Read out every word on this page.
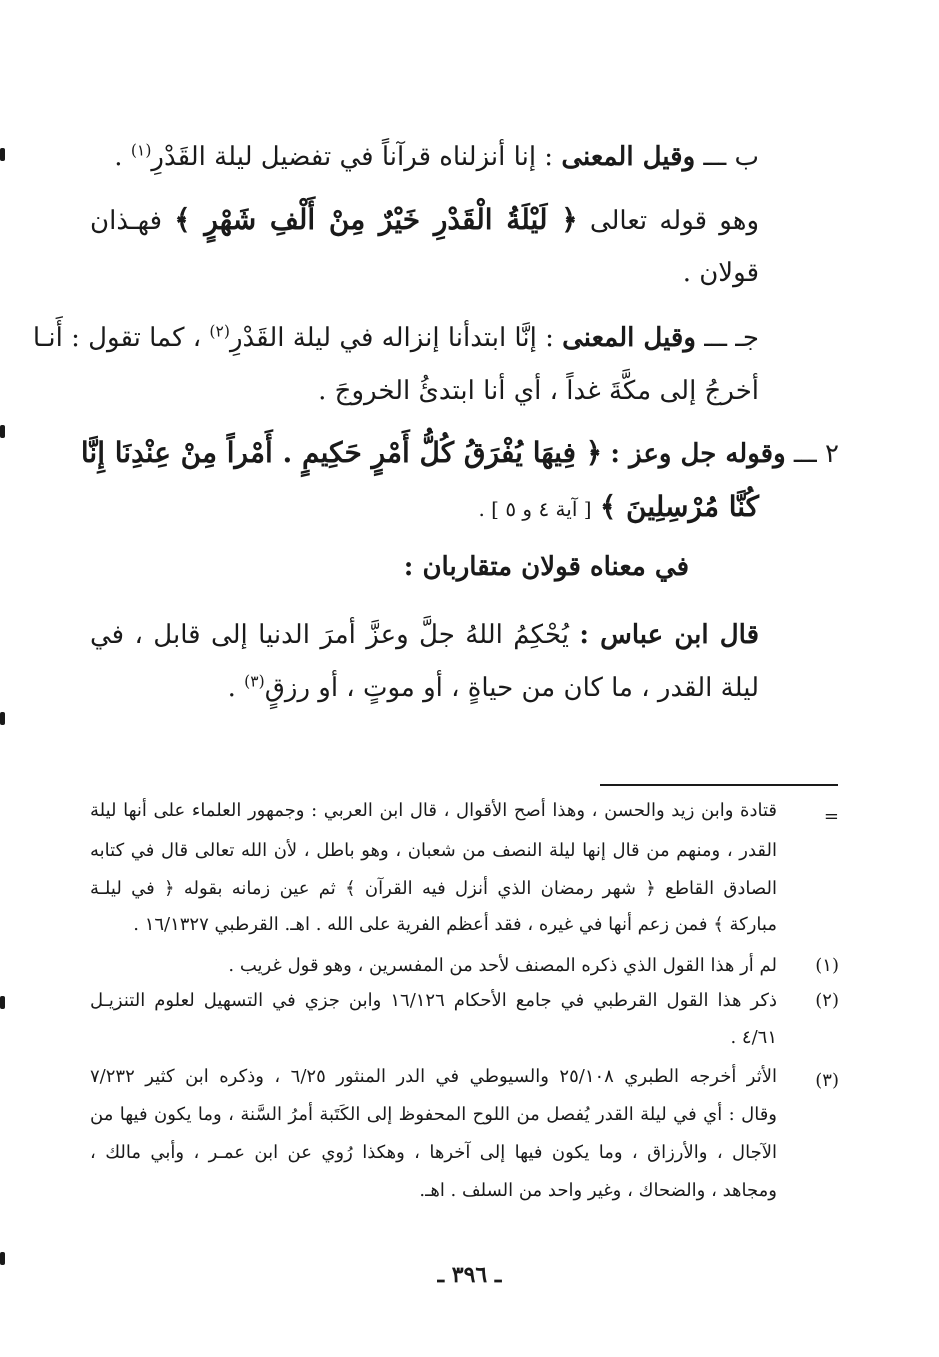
ب ـــ وقيل المعنى : إنا أنزلناه قرآناً في تفضيل ليلة القَدْرِ$^{(١)}$ .
وهو قوله تعالى ﴿ لَيْلَةُ الْقَدْرِ خَيْرٌ مِنْ أَلْفِ شَهْرٍ ﴾ فهـذان
قولان .
جـ ـــ وقيل المعنى : إنَّا ابتدأنا إنزاله في ليلة القَدْرِ$^{(٢)}$ ، كما تقول : أَنـا
أخرجُ إلى مكَّةَ غداً ، أي أنا ابتدئُ الخروجَ .
٢ ـــ وقوله جل وعز : ﴿ فِيهَا يُفْرَقُ كُلُّ أَمْرٍ حَكِيمٍ . أَمْراً مِنْ عِنْدِنَا إِنَّا
كُنَّا مُرْسِلِينَ ﴾ [ آية ٤ و ٥ ] .
في معناه قولان متقاربان :
قال ابن عباس : يُحْكِمُ اللهُ جلَّ وعزَّ أمرَ الدنيا إلى قابل ، في
ليلة القدر ، ما كان من حياةٍ ، أو موتٍ ، أو رزقٍ$^{(٣)}$ .
=
قتادة وابن زيد والحسن ، وهذا أصح الأقوال ، قال ابن العربي : وجمهور العلماء على أنها ليلة
القدر ، ومنهم من قال إنها ليلة النصف من شعبان ، وهو باطل ، لأن الله تعالى قال في كتابه
الصادق القاطع ﴿ شهر رمضان الذي أنزل فيه القرآن ﴾ ثم عين زمانه بقوله ﴿ في ليلـة
مباركة ﴾ فمن زعم أنها في غيره ، فقد أعظم الفرية على الله . اهـ. القرطبي ١٦/١٣٢٧ .
(١)
لم أر هذا القول الذي ذكره المصنف لأحد من المفسرين ، وهو قول غريب .
(٢)
ذكر هذا القول القرطبي في جامع الأحكام ١٦/١٢٦ وابن جزي في التسهيل لعلوم التنزيـل
٤/٦١ .
(٣)
الأثر أخرجه الطبري ٢٥/١٠٨ والسيوطي في الدر المنثور ٦/٢٥ ، وذكره ابن كثير ٧/٢٣٢
وقال : أي في ليلة القدر يُفصل من اللوح المحفوظ إلى الكَتَبة أمرُ السَّنة ، وما يكون فيها من
الآجال ، والأرزاق ، وما يكون فيها إلى آخرها ، وهكذا رُوي عن ابن عمـر ، وأبي مالك ،
ومجاهد ، والضحاك ، وغير واحد من السلف . اهـ.
ـ ٣٩٦ ـ
